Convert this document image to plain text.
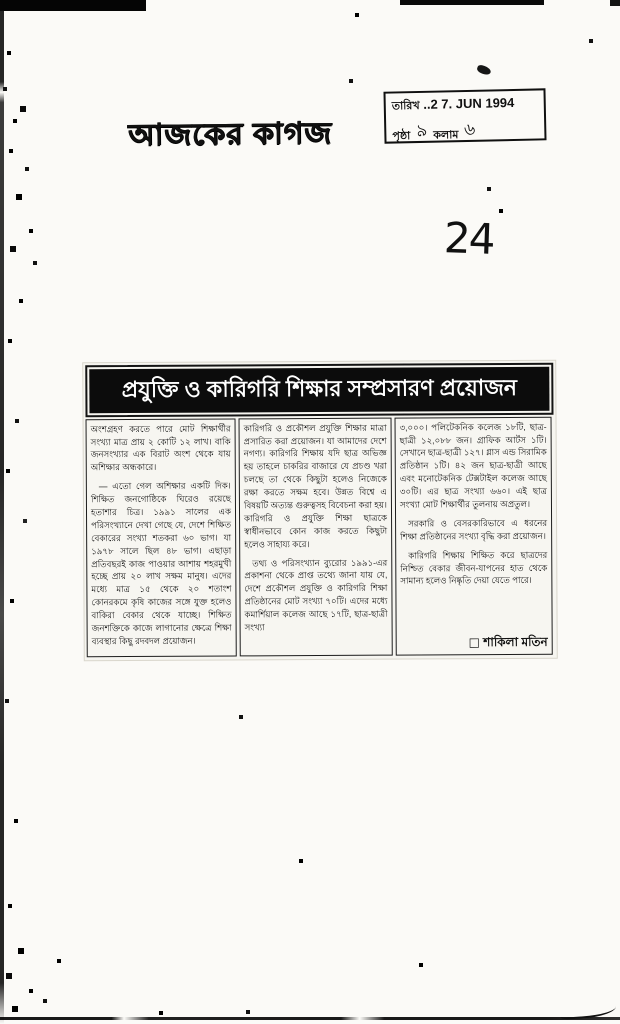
আজকের কাগজ
তারিখ ..2 7. JUN 1994
পৃষ্ঠা ৯ কলাম ৬
24
প্রযুক্তি ও কারিগরি শিক্ষার সম্প্রসারণ প্রয়োজন

অংশগ্রহণ করতে পারে মোট শিক্ষার্থীর সংখ্যা মাত্র প্রায় ২ কোটি ১২ লাখ। বাকি জনসংখ্যার এক বিরাট অংশ থেকে যায় অশিক্ষার অন্ধকারে।

— এতো গেল অশিক্ষার একটি দিক। শিক্ষিত জনগোষ্ঠিকে ঘিরেও রয়েছে হতাশার চিত্র। ১৯৯১ সালের এক পরিসংখ্যানে দেখা গেছে যে, দেশে শিক্ষিত বেকারের সংখ্যা শতকরা ৬০ ভাগ। যা ১৯৭৮ সালে ছিল ৪৮ ভাগ। এছাড়া প্রতিবছরই কাজ পাওয়ার আশায় শহরমুখী হচ্ছে প্রায় ২০ লাখ সক্ষম মানুষ। এদের মধ্যে মাত্র ১৫ থেকে ২০ শতাংশ কোনরকমে কৃষি কাজের সঙ্গে যুক্ত হলেও বাকিরা বেকার থেকে যাচ্ছে। শিক্ষিত জনশক্তিকে কাজে লাগানোর ক্ষেত্রে শিক্ষা ব্যবস্থার কিছু রদবদল প্রয়োজন।

কারিগরি ও প্রকৌশল প্রযুক্তি শিক্ষার মাত্রা প্রসারিত করা প্রয়োজন। যা আমাদের দেশে নগণ্য। কারিগরি শিক্ষায় যদি ছাত্র অভিজ্ঞ হয় তাহলে চাকরির বাজারে যে প্রচণ্ড খরা চলছে তা থেকে কিছুটা হলেও নিজেকে রক্ষা করতে সক্ষম হবে। উন্নত বিশ্বে এ বিষয়টি অত্যন্ত গুরুত্বসহ বিবেচনা করা হয়। কারিগরি ও প্রযুক্তি শিক্ষা ছাত্রকে স্বাধীনভাবে কোন কাজ করতে কিছুটা হলেও সাহায্য করে।

তথ্য ও পরিসংখ্যান ব্যুরোর ১৯৯১-এর প্রকাশনা থেকে প্রাপ্ত তথ্যে জানা যায় যে, দেশে প্রকৌশল প্রযুক্তি ও কারিগরি শিক্ষা প্রতিষ্ঠানের মোট সংখ্যা ৭০টি। এদের মধ্যে কমার্শিয়াল কলেজ আছে ১৭টি, ছাত্র-ছাত্রী সংখ্যা

৩,০০০। পলিটেকনিক কলেজ ১৮টি, ছাত্র-ছাত্রী ১২,০৮৮ জন। গ্রাফিক আর্টস ১টি। সেখানে ছাত্র-ছাত্রী ১২৭। গ্লাস এন্ড সিরামিক প্রতিষ্ঠান ১টি। ৪২ জন ছাত্র-ছাত্রী আছে এবং মনোটেকনিক টেক্সটাইল কলেজ আছে ৩০টি। এর ছাত্র সংখ্যা ৬৬০। এই ছাত্র সংখ্যা মোট শিক্ষার্থীর তুলনায় অপ্রতুল।

সরকারি ও বেসরকারিভাবে এ ধরনের শিক্ষা প্রতিষ্ঠানের সংখ্যা বৃদ্ধি করা প্রয়োজন।

কারিগরি শিক্ষায় শিক্ষিত করে ছাত্রদের নিশ্চিত বেকার জীবন-যাপনের হাত থেকে সামান্য হলেও নিষ্কৃতি দেয়া যেতে পারে।

□ শাকিলা মতিন
